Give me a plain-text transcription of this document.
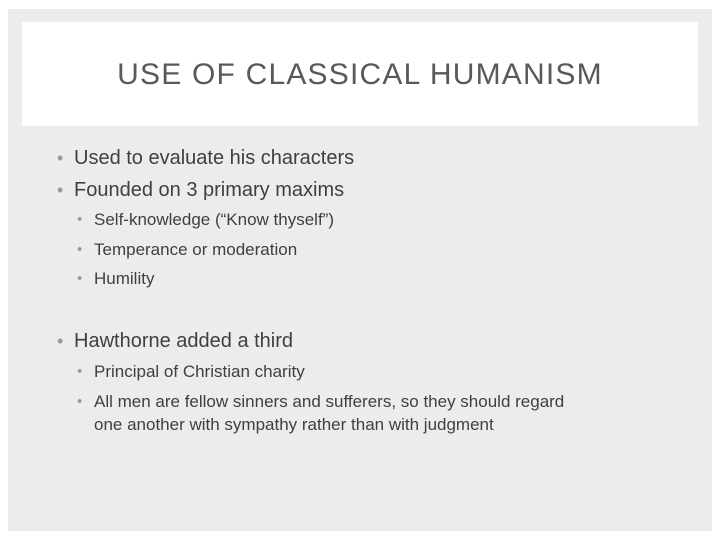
USE OF CLASSICAL HUMANISM
• Used to evaluate his characters
• Founded on 3 primary maxims
• Self-knowledge (“Know thyself”)
• Temperance or moderation
• Humility
• Hawthorne added a third
• Principal of Christian charity
• All men are fellow sinners and sufferers, so they should regard
one another with sympathy rather than with judgment
